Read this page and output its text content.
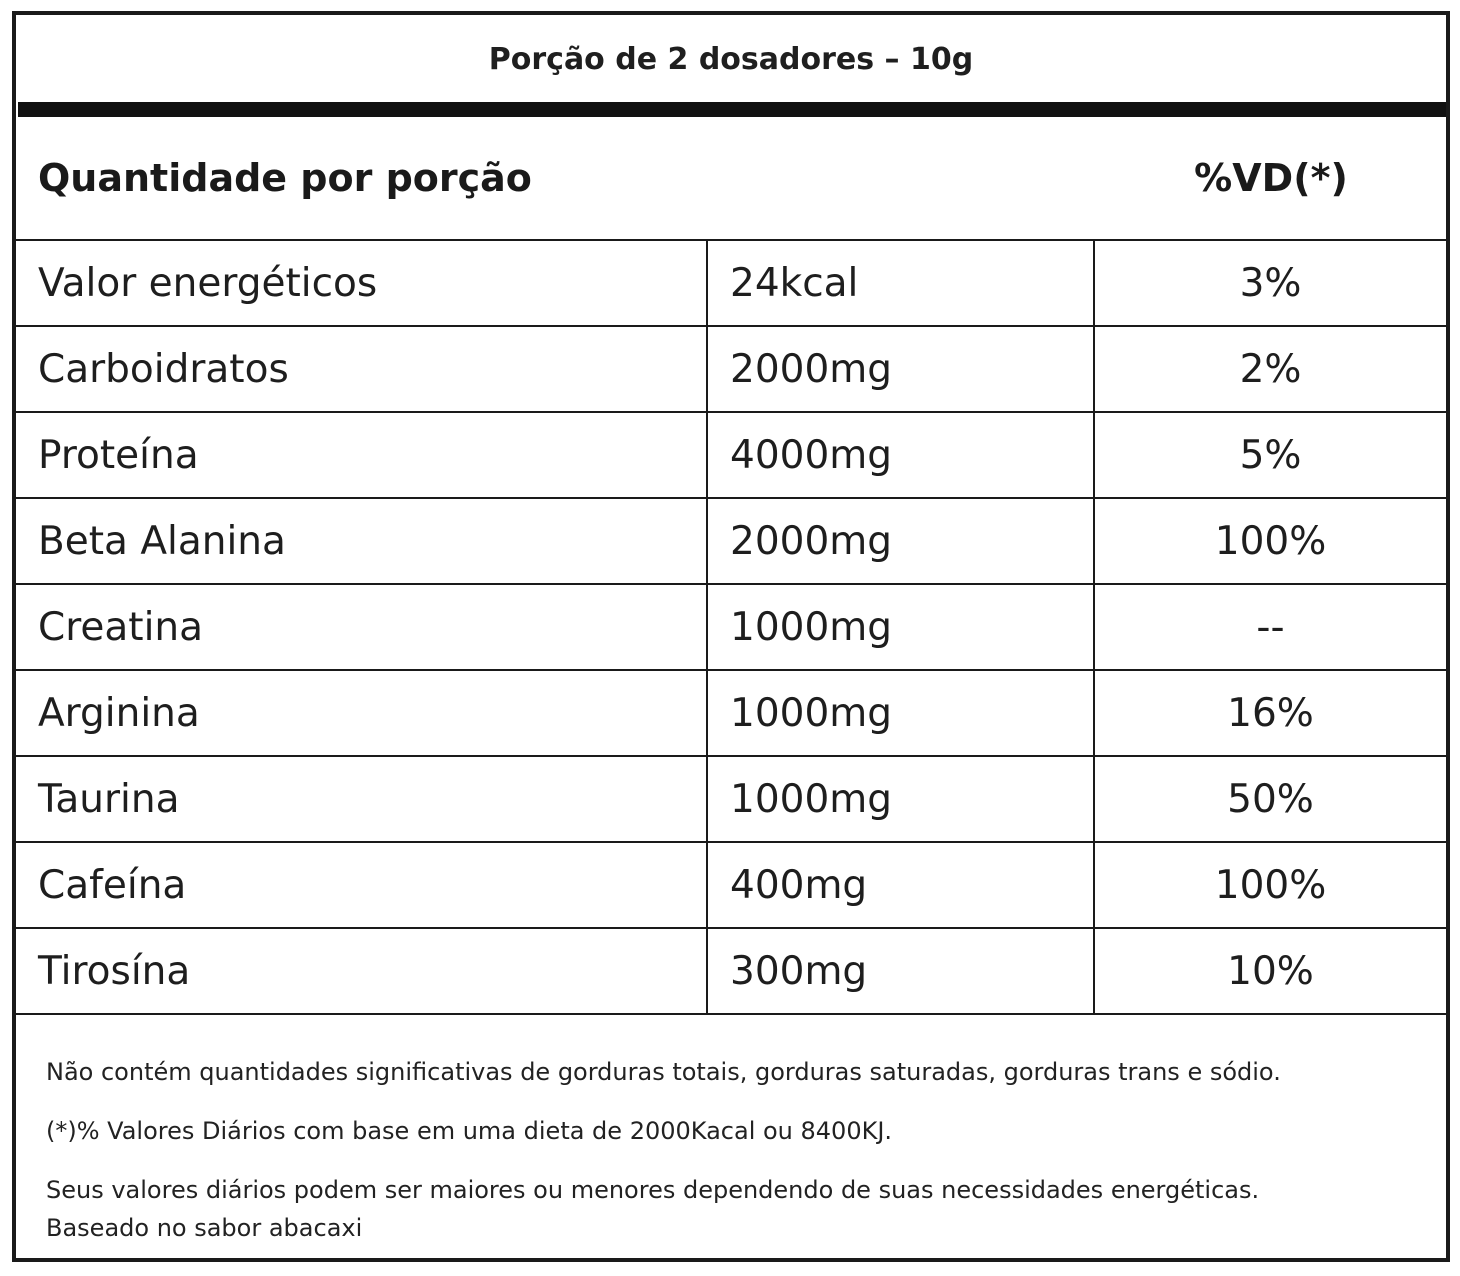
Porção de 2 dosadores – 10g
Quantidade por porção	%VD(*)
Valor energéticos	24kcal	3%
Carboidratos	2000mg	2%
Proteína	4000mg	5%
Beta Alanina	2000mg	100%
Creatina	1000mg	--
Arginina	1000mg	16%
Taurina	1000mg	50%
Cafeína	400mg	100%
Tirosína	300mg	10%

Não contém quantidades significativas de gorduras totais, gorduras saturadas, gorduras trans e sódio.

(*)% Valores Diários com base em uma dieta de 2000Kacal ou 8400KJ.

Seus valores diários podem ser maiores ou menores dependendo de suas necessidades energéticas.
Baseado no sabor abacaxi
